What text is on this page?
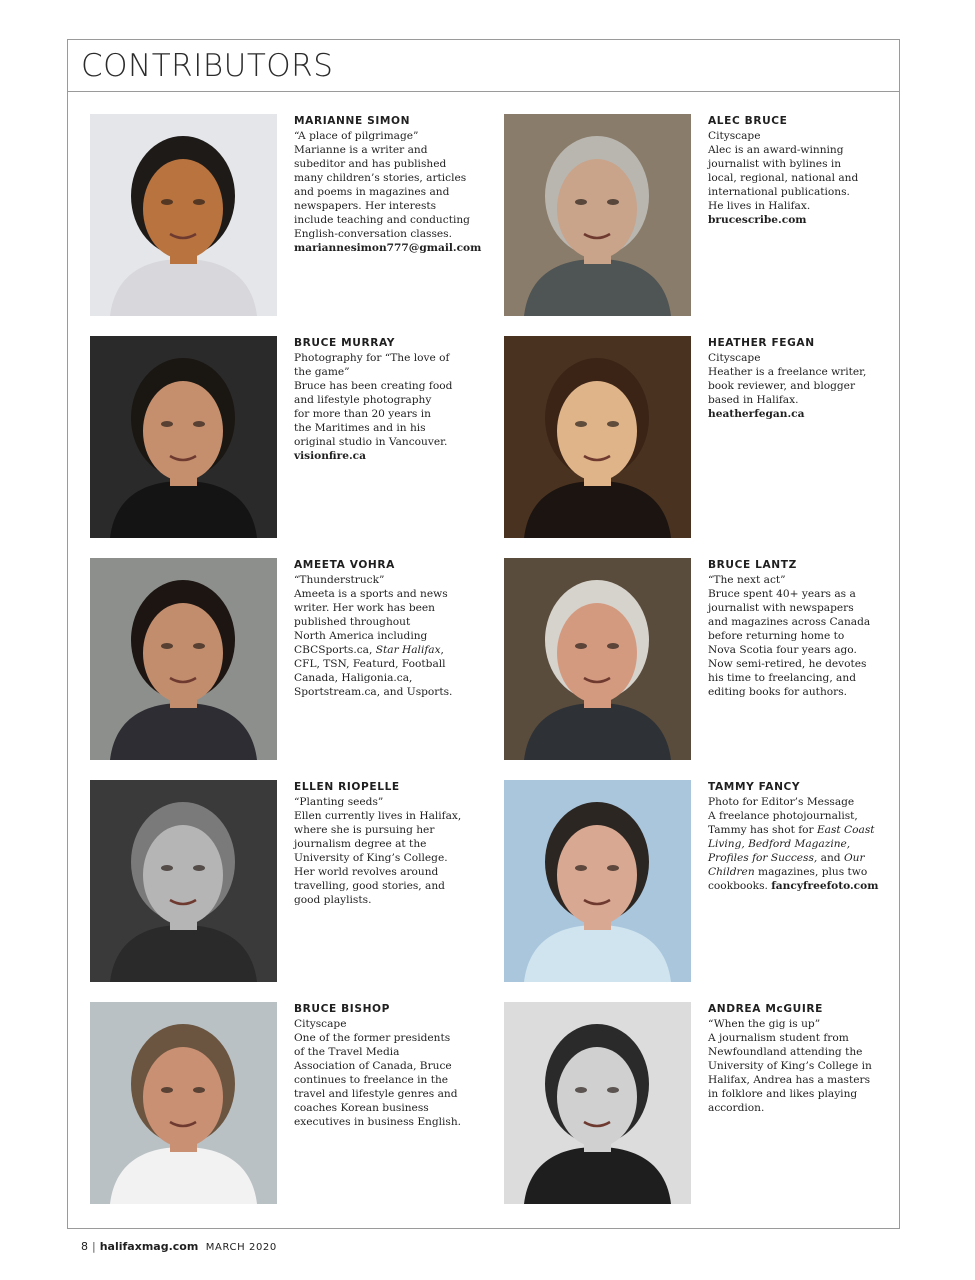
CONTRIBUTORS
MARIANNE SIMON
“A place of pilgrimage”
Marianne is a writer and
subeditor and has published
many children’s stories, articles
and poems in magazines and
newspapers. Her interests
include teaching and conducting
English-conversation classes.
mariannesimon777@gmail.com
ALEC BRUCE
Cityscape
Alec is an award-winning
journalist with bylines in
local, regional, national and
international publications.
He lives in Halifax.
brucescribe.com
BRUCE MURRAY
Photography for “The love of
the game”
Bruce has been creating food
and lifestyle photography
for more than 20 years in
the Maritimes and in his
original studio in Vancouver.
visionfire.ca
HEATHER FEGAN
Cityscape
Heather is a freelance writer,
book reviewer, and blogger
based in Halifax.
heatherfegan.ca
AMEETA VOHRA
“Thunderstruck”
Ameeta is a sports and news
writer. Her work has been
published throughout
North America including
CBCSports.ca, Star Halifax,
CFL, TSN, Featurd, Football
Canada, Haligonia.ca,
Sportstream.ca, and Usports.
BRUCE LANTZ
“The next act”
Bruce spent 40+ years as a
journalist with newspapers
and magazines across Canada
before returning home to
Nova Scotia four years ago.
Now semi-retired, he devotes
his time to freelancing, and
editing books for authors.
ELLEN RIOPELLE
“Planting seeds”
Ellen currently lives in Halifax,
where she is pursuing her
journalism degree at the
University of King’s College.
Her world revolves around
travelling, good stories, and
good playlists.
TAMMY FANCY
Photo for Editor’s Message
A freelance photojournalist,
Tammy has shot for East Coast
Living, Bedford Magazine,
Profiles for Success, and Our
Children magazines, plus two
cookbooks. fancyfreefoto.com
BRUCE BISHOP
Cityscape
One of the former presidents
of the Travel Media
Association of Canada, Bruce
continues to freelance in the
travel and lifestyle genres and
coaches Korean business
executives in business English.
ANDREA McGUIRE
“When the gig is up”
A journalism student from
Newfoundland attending the
University of King’s College in
Halifax, Andrea has a masters
in folklore and likes playing
accordion.
8 | halifaxmag.com MARCH 2020
